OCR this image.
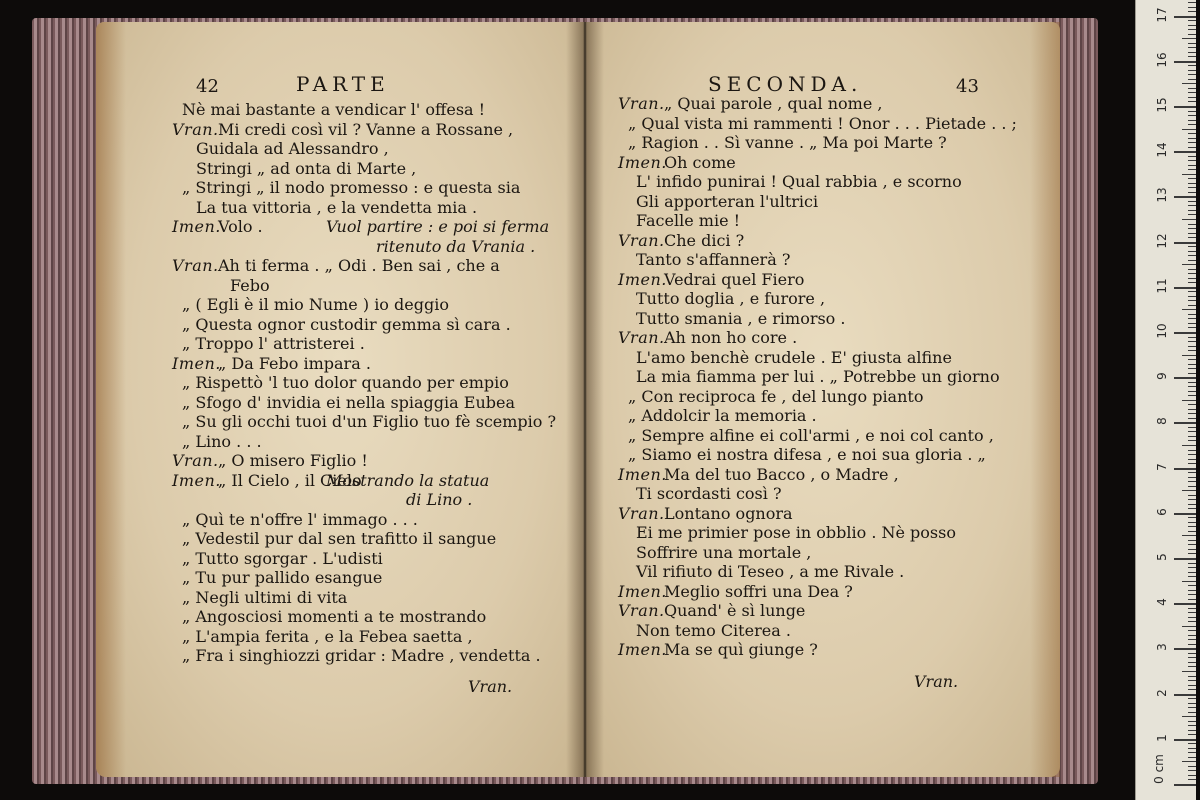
42	PARTE
Nè mai bastante a vendicar l' offesa !
Vran. Mi credi così vil ? Vanne a Rossane ,
Guidala ad Alessandro ,
Stringi „ ad onta di Marte ,
„ Stringi „ il nodo promesso : e questa sia
La tua vittoria , e la vendetta mia .
Imen.
Volo .	Vuol partire : e poi si ferma
ritenuto da Vrania .
Vran. Ah ti ferma . „ Odi . Ben sai , che a
Febo
„ ( Egli è il mio Nume ) io deggio
„ Questa ognor custodir gemma sì cara .
„ Troppo l' attristerei .
Imen.
„ Da Febo impara .
„ Rispettò 'l tuo dolor quando per empio
„ Sfogo d' invidia ei nella spiaggia Eubea
„ Su gli occhi tuoi d'un Figlio tuo fè scempio ?
„ Lino . . .
Vran. „ O misero Figlio !
Imen.
„ Il Cielo , il Cielo
Mostrando la statua
di Lino .
„ Quì te n'offre l' immago . . .
„ Vedestil pur dal sen trafitto il sangue
„ Tutto sgorgar . L'udisti
„ Tu pur pallido esangue
„ Negli ultimi di vita
„ Angosciosi momenti a te mostrando
„ L'ampia ferita , e la Febea saetta ,
„ Fra i singhiozzi gridar : Madre , vendetta .
Vran.
SECONDA.	43
Vran. „ Quai parole , qual nome ,
„ Qual vista mi rammenti ! Onor . . . Pietade . . ;
„ Ragion . . Sì vanne . „ Ma poi Marte ?
Imen.
Oh come
L' infido punirai ! Qual rabbia , e scorno
Gli apporteran l'ultrici
Facelle mie !
Vran. Che dici ?
Tanto s'affannerà ?
Imen.
Vedrai quel Fiero
Tutto doglia , e furore ,
Tutto smania , e rimorso .
Vran. Ah non ho core .
L'amo benchè crudele . E' giusta alfine
La mia fiamma per lui . „ Potrebbe un giorno
„ Con reciproca fe , del lungo pianto
„ Addolcir la memoria .
„ Sempre alfine ei coll'armi , e noi col canto ,
„ Siamo ei nostra difesa , e noi sua gloria . „
Imen.
Ma del tuo Bacco , o Madre ,
Ti scordasti così ?
Vran. Lontano ognora
Ei me primier pose in obblio . Nè posso
Soffrire una mortale ,
Vil rifiuto di Teseo , a me Rivale .
Imen.
Meglio soffri una Dea ?
Vran. Quand' è sì lunge
Non temo Citerea .
Imen.
Ma se quì giunge ?
Vran.
0 cm
1
2
3
4
5
6
7
8
9
10
11
12
13
14
15
16
17
